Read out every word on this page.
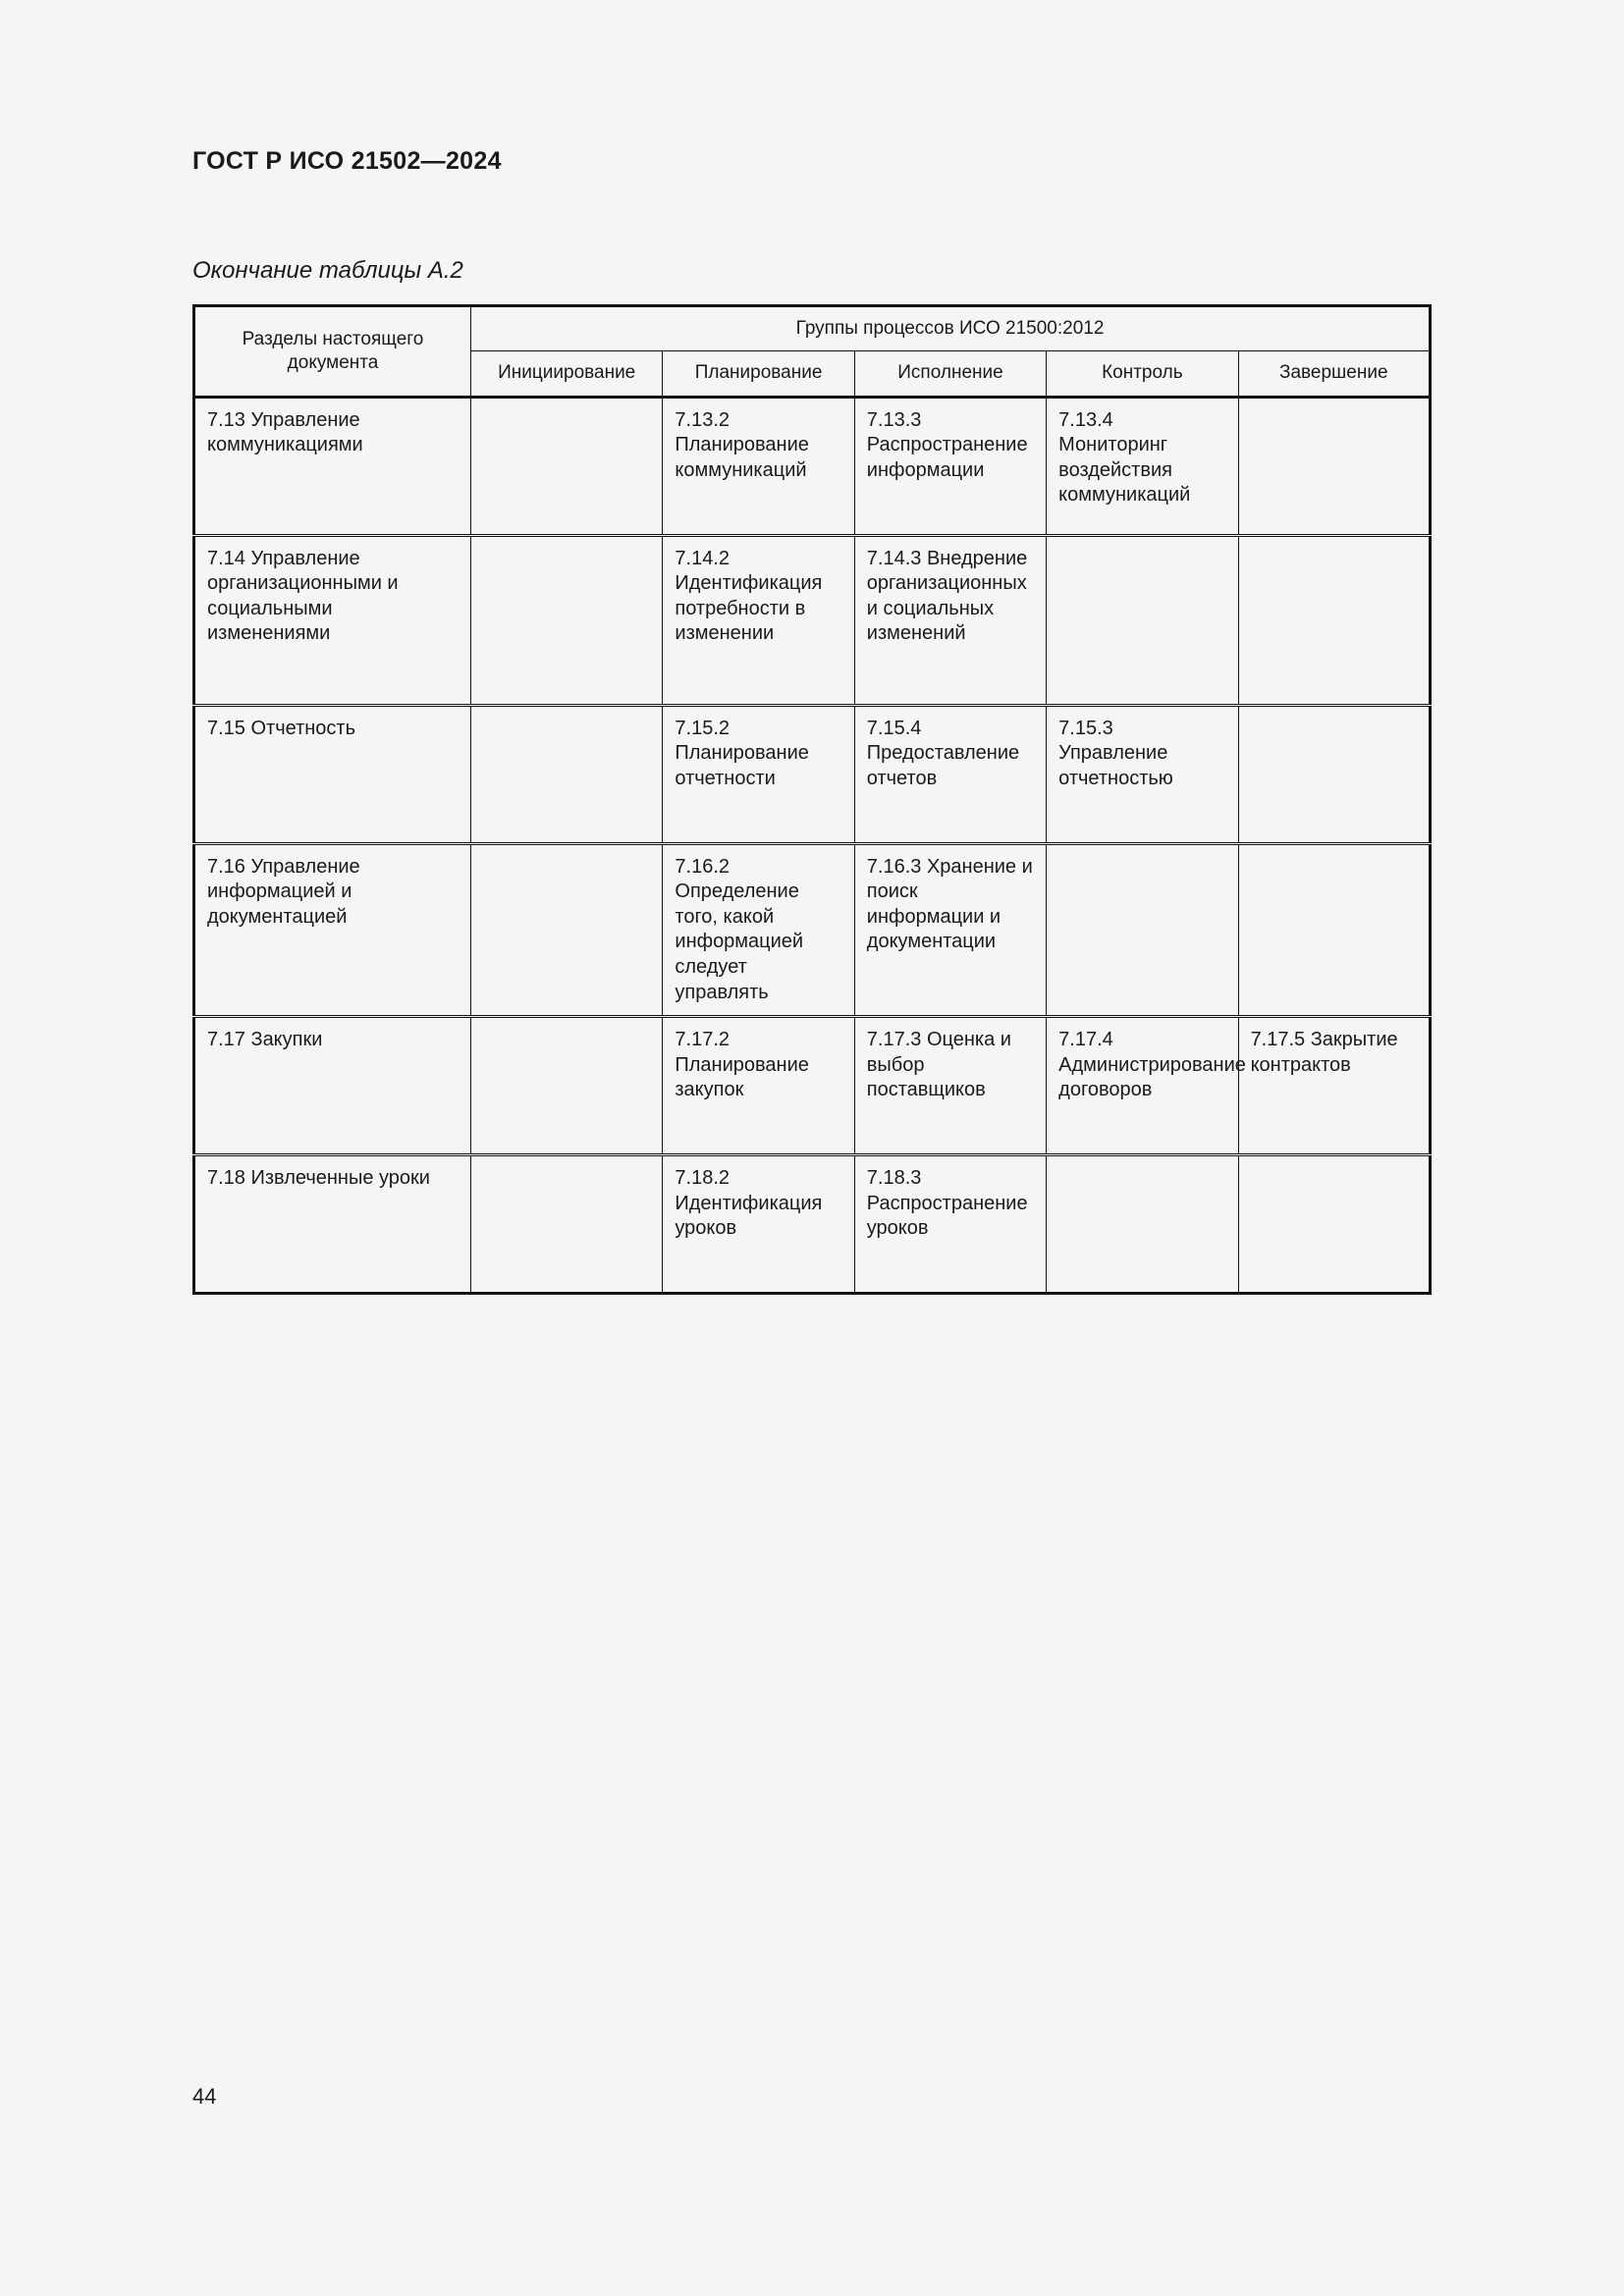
ГОСТ Р ИСО 21502—2024
Окончание таблицы А.2
Разделы настоящего документа	Группы процессов ИСО 21500:2012				
	Инициирование	Планирование	Исполнение	Контроль	Завершение
7.13 Управление коммуникациями		7.13.2 Планирование коммуникаций	7.13.3 Распространение информации	7.13.4 Мониторинг воздействия коммуникаций	
7.14 Управление организационными и социальными изменениями		7.14.2 Идентификация потребности в изменении	7.14.3 Внедрение организационных и социальных изменений		
7.15 Отчетность		7.15.2 Планирование отчетности	7.15.4 Предоставление отчетов	7.15.3 Управление отчетностью	
7.16 Управление информацией и документацией		7.16.2 Определение того, какой информацией следует управлять	7.16.3 Хранение и поиск информации и документации		
7.17 Закупки		7.17.2 Планирование закупок	7.17.3 Оценка и выбор поставщиков	7.17.4 Администрирование договоров	7.17.5 Закрытие контрактов
7.18 Извлеченные уроки		7.18.2 Идентификация уроков	7.18.3 Распространение уроков		
44
